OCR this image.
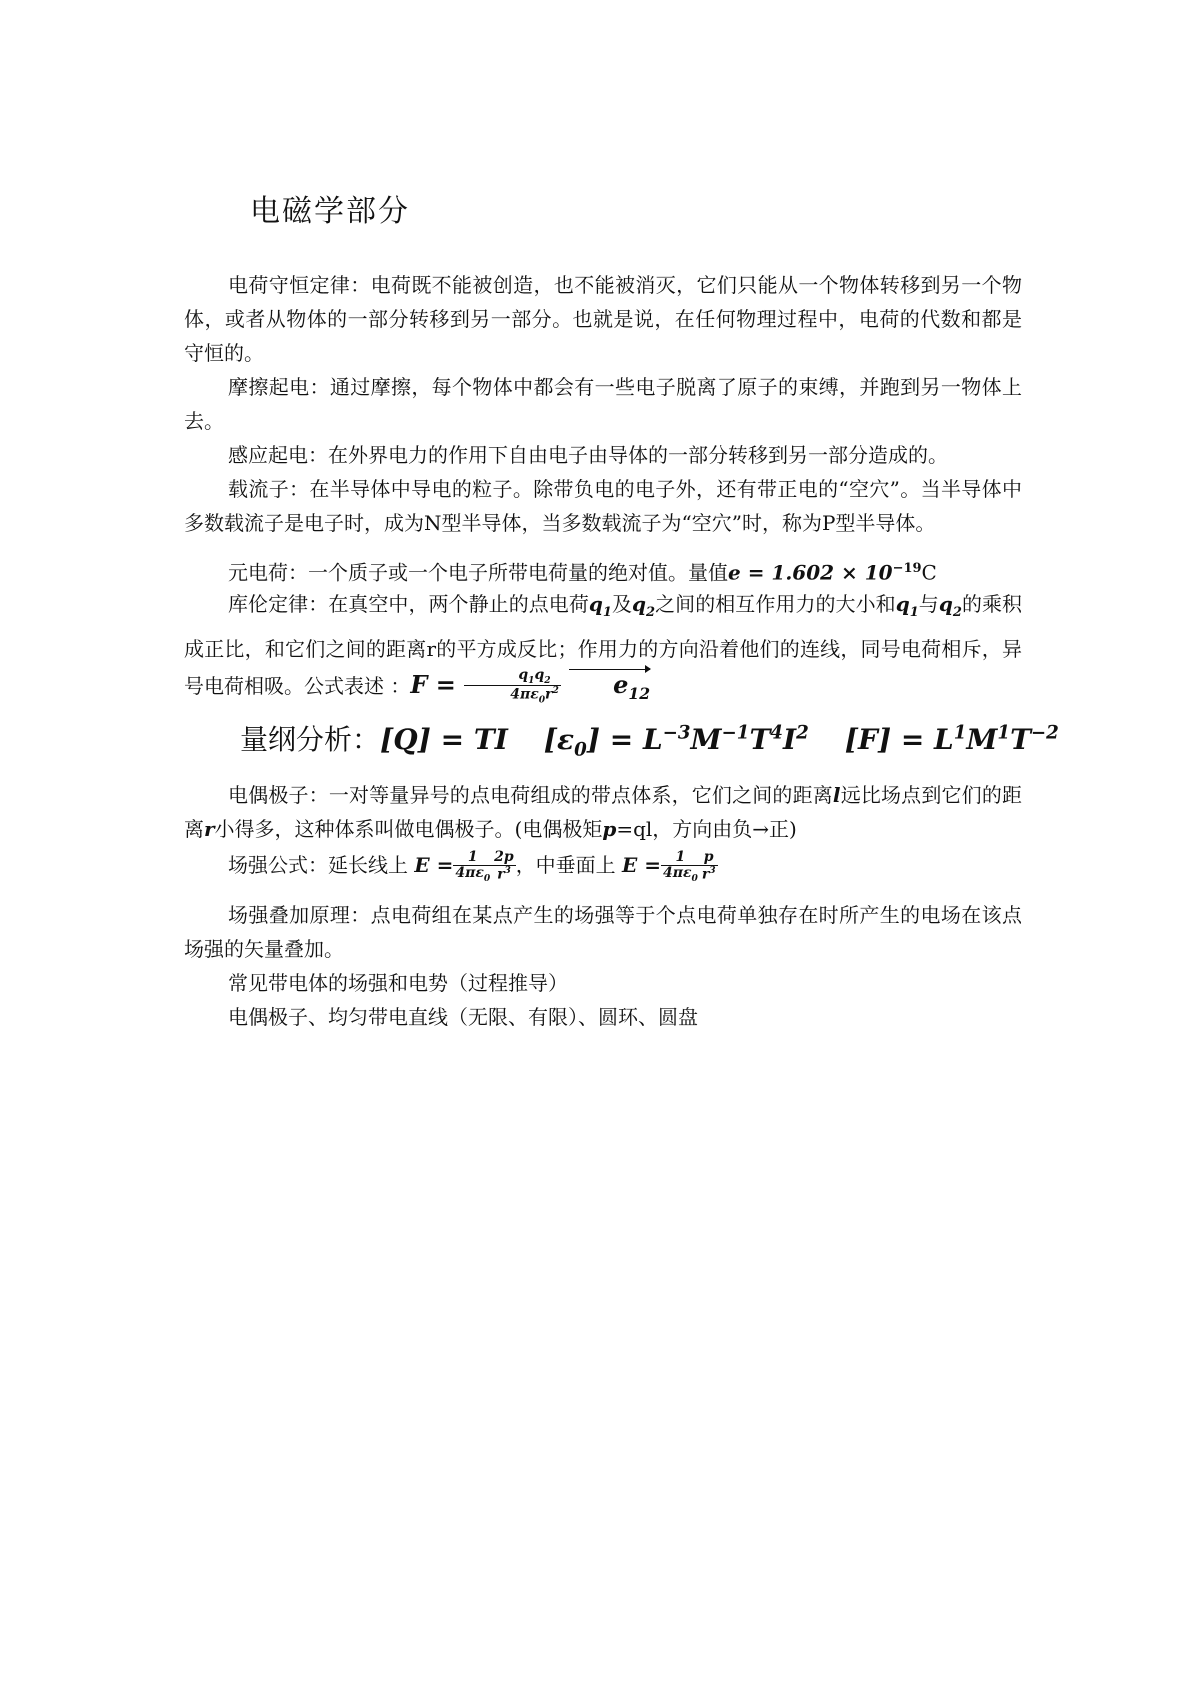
电磁学部分
电荷守恒定律：电荷既不能被创造，也不能被消灭，它们只能从一个物体转移到另一个物体，或者从物体的一部分转移到另一部分。也就是说，在任何物理过程中，电荷的代数和都是守恒的。
摩擦起电：通过摩擦，每个物体中都会有一些电子脱离了原子的束缚，并跑到另一物体上去。
感应起电：在外界电力的作用下自由电子由导体的一部分转移到另一部分造成的。
载流子：在半导体中导电的粒子。除带负电的电子外，还有带正电的“空穴”。当半导体中多数载流子是电子时，成为N型半导体，当多数载流子为“空穴”时，称为P型半导体。
元电荷：一个质子或一个电子所带电荷量的绝对值。量值$e = 1.602 \times 10^{-19}C$
库伦定律：在真空中，两个静止的点电荷$q_1$及$q_2$之间的相互作用力的大小和$q_1$与$q_2$的乘积成正比，和它们之间的距离r的平方成反比；作用力的方向沿着他们的连线，同号电荷相斥，异号电荷相吸。公式表述 ：$F = \frac{q_1q_2}{4\pi\varepsilon_0r^2} e_{12}$
量纲分析：[Q] = TI $[\varepsilon_0] = L^{-3}M^{-1}T^4I^2$ $[F] = L^1M^1T^{-2}$
电偶极子：一对等量异号的点电荷组成的带点体系，它们之间的距离l远比场点到它们的距离r小得多，这种体系叫做电偶极子。(电偶极矩p=ql，方向由负→正)
场强公式：延长线上 $E = \frac{1}{4\pi\varepsilon_0} \frac{2p}{r^3}$ ，中垂面上 $E = \frac{1}{4\pi\varepsilon_0} \frac{p}{r^3}$
场强叠加原理：点电荷组在某点产生的场强等于个点电荷单独存在时所产生的电场在该点场强的矢量叠加。
常见带电体的场强和电势（过程推导）
电偶极子、均匀带电直线（无限、有限）、圆环、圆盘
